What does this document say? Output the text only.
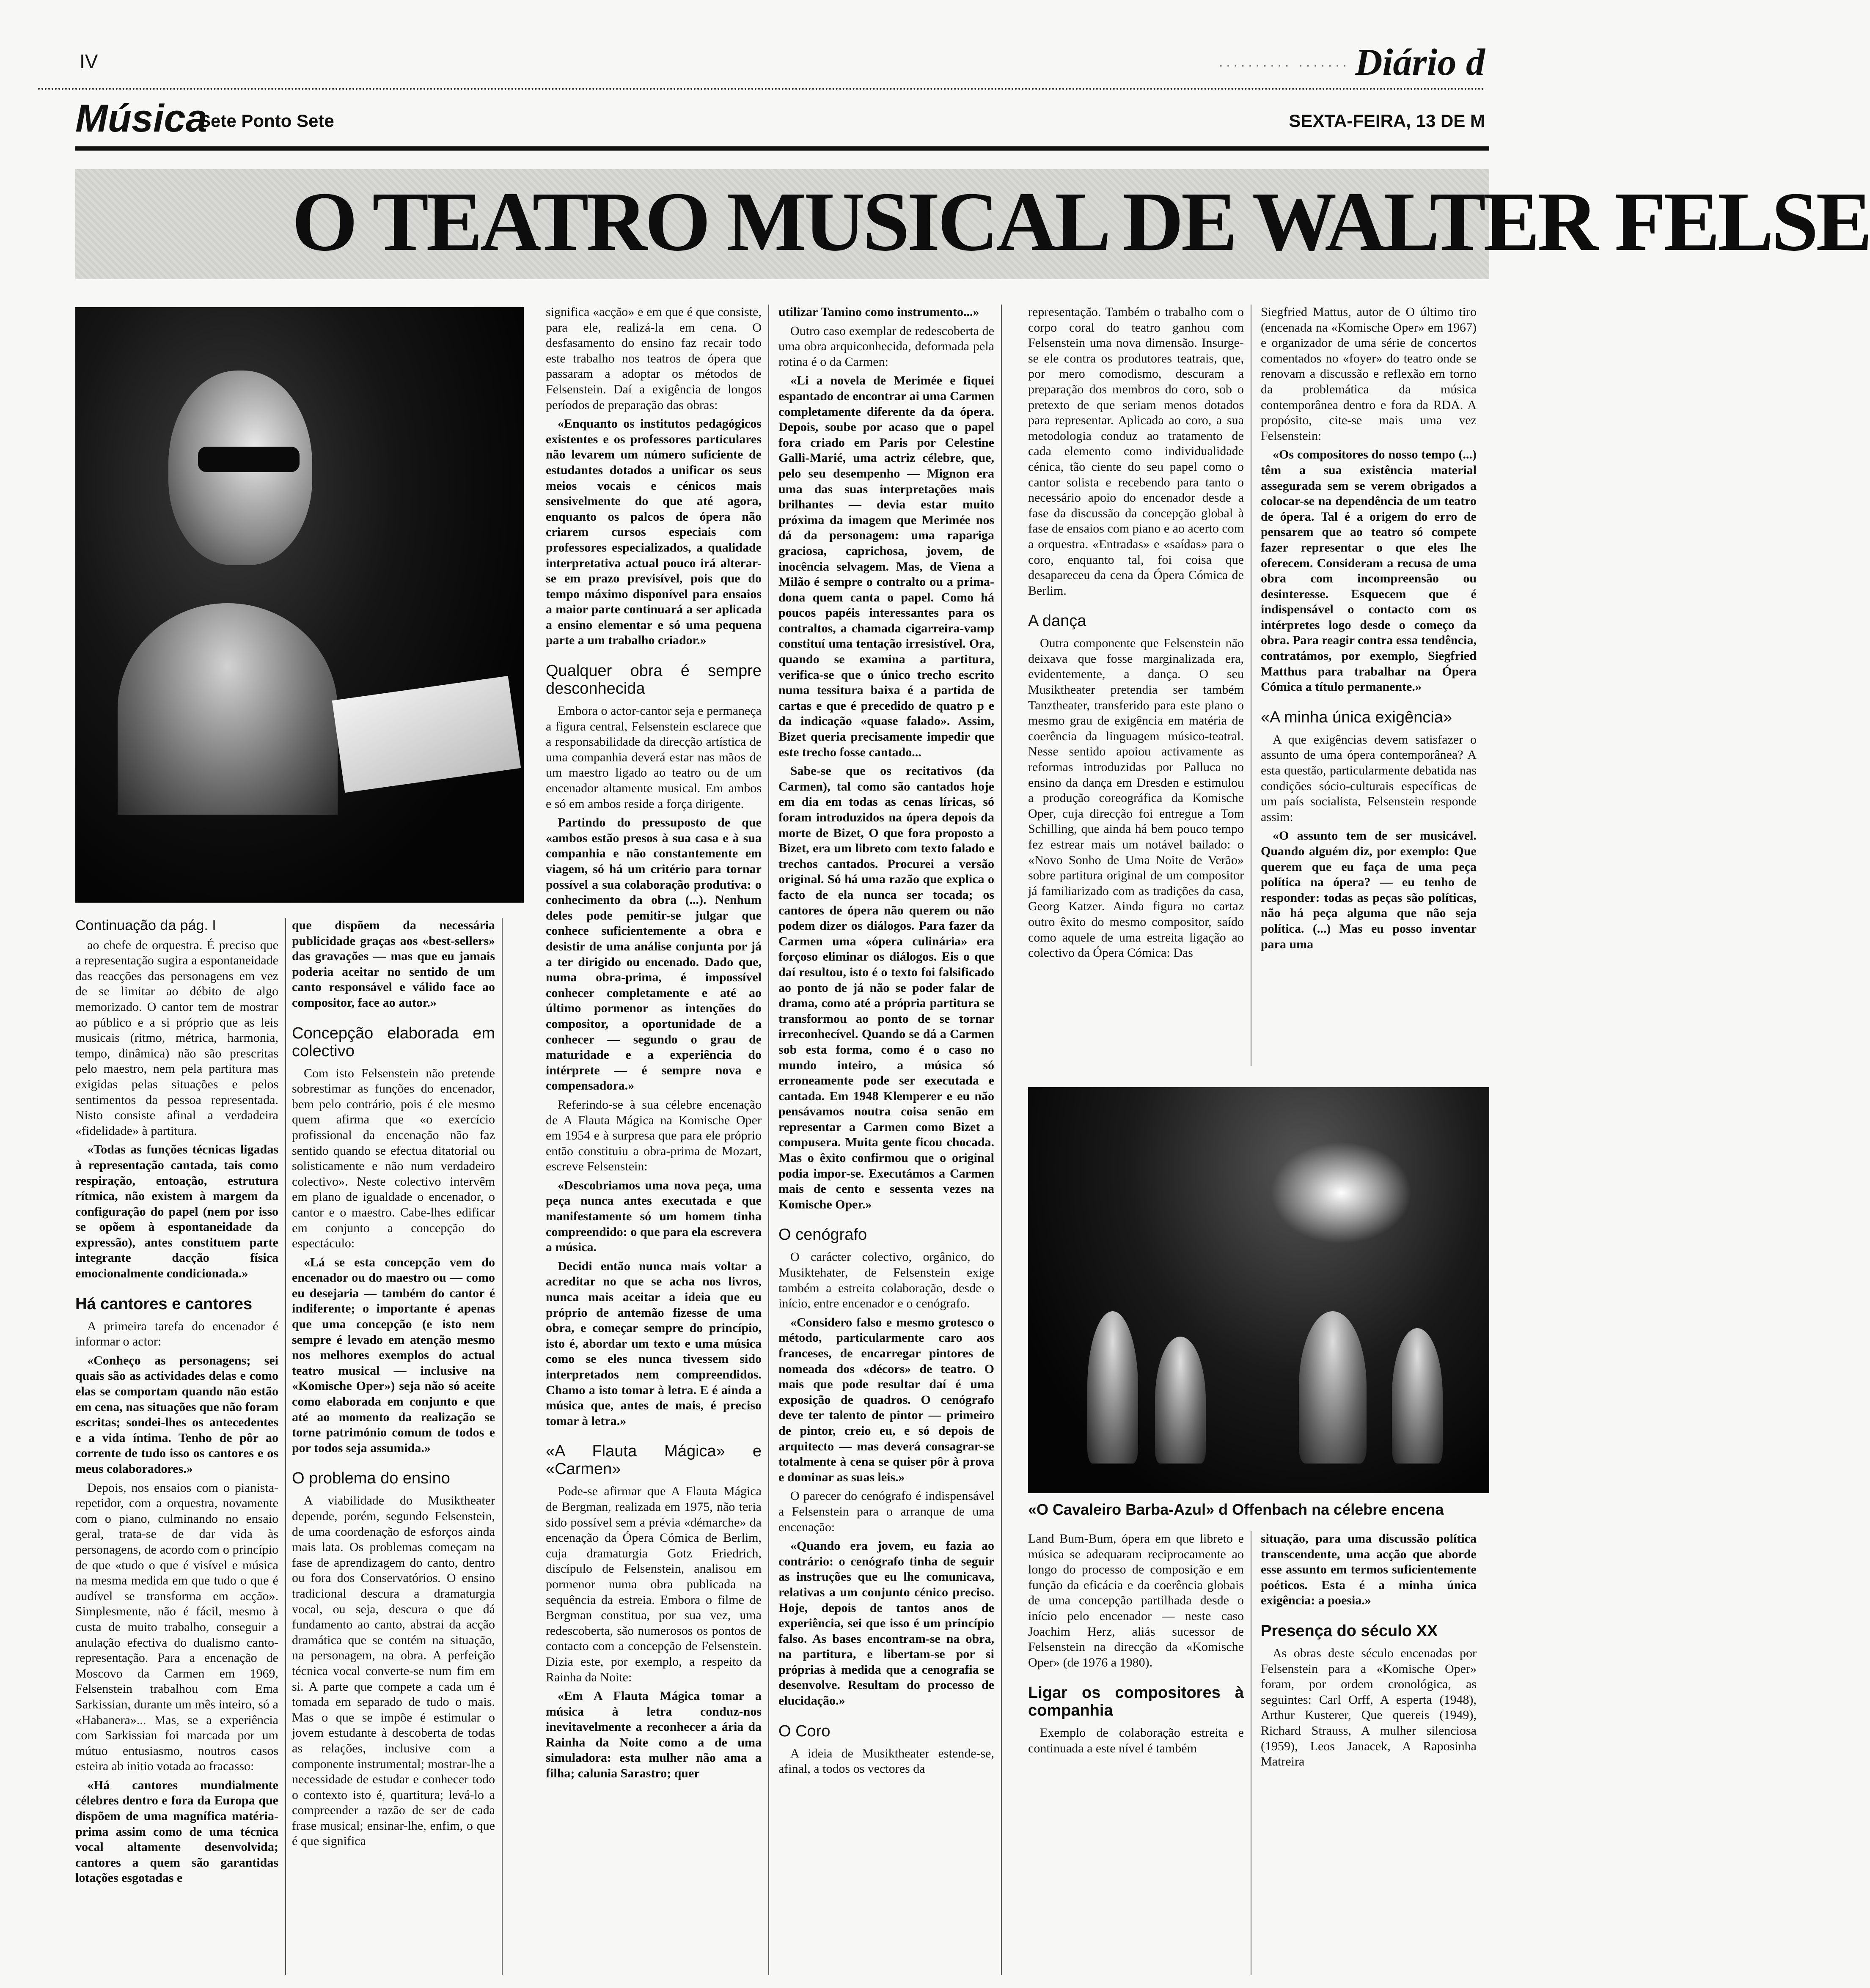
IV	·········· ······· Diário d
Música
Sete Ponto Sete	SEXTA-FEIRA, 13 DE M
O TEATRO MUSICAL DE WALTER FELSE
«O Cavaleiro Barba-Azul» d Offenbach na célebre encena
Continuação da pág. I

ao chefe de orquestra. É preciso que a representação sugira a espontaneidade das reacções das personagens em vez de se limitar ao débito de algo memorizado. O cantor tem de mostrar ao público e a si próprio que as leis musicais (ritmo, métrica, harmonia, tempo, dinâmica) não são prescritas pelo maestro, nem pela partitura mas exigidas pelas situações e pelos sentimentos da pessoa representada. Nisto consiste afinal a verdadeira «fidelidade» à partitura.

«Todas as funções técnicas ligadas à representação cantada, tais como respiração, entoação, estrutura rítmica, não existem à margem da configuração do papel (nem por isso se opõem à espontaneidade da expressão), antes constituem parte integrante dacção física emocionalmente condicionada.»

Há cantores e cantores

A primeira tarefa do encenador é informar o actor:

«Conheço as personagens; sei quais são as actividades delas e como elas se comportam quando não estão em cena, nas situações que não foram escritas; sondei-lhes os antecedentes e a vida íntima. Tenho de pôr ao corrente de tudo isso os cantores e os meus colaboradores.»

Depois, nos ensaios com o pianista-repetidor, com a orquestra, novamente com o piano, culminando no ensaio geral, trata-se de dar vida às personagens, de acordo com o princípio de que «tudo o que é visível e música na mesma medida em que tudo o que é audível se transforma em acção». Simplesmente, não é fácil, mesmo à custa de muito trabalho, conseguir a anulação efectiva do dualismo canto-representação. Para a encenação de Moscovo da Carmen em 1969, Felsenstein trabalhou com Ema Sarkissian, durante um mês inteiro, só a «Habanera»... Mas, se a experiência com Sarkissian foi marcada por um mútuo entusiasmo, noutros casos esteira ab initio votada ao fracasso:

«Há cantores mundialmente célebres dentro e fora da Europa que dispõem de uma magnífica matéria-prima assim como de uma técnica vocal altamente desenvolvida; cantores a quem são garantidas lotações esgotadas e

que dispõem da necessária publicidade graças aos «best-sellers» das gravações — mas que eu jamais poderia aceitar no sentido de um canto responsável e válido face ao compositor, face ao autor.»

Concepção elaborada em colectivo

Com isto Felsenstein não pretende sobrestimar as funções do encenador, bem pelo contrário, pois é ele mesmo quem afirma que «o exercício profissional da encenação não faz sentido quando se efectua ditatorial ou solisticamente e não num verdadeiro colectivo». Neste colectivo intervêm em plano de igualdade o encenador, o cantor e o maestro. Cabe-lhes edificar em conjunto a concepção do espectáculo:

«Lá se esta concepção vem do encenador ou do maestro ou — como eu desejaria — também do cantor é indiferente; o importante é apenas que uma concepção (e isto nem sempre é levado em atenção mesmo nos melhores exemplos do actual teatro musical — inclusive na «Komische Oper») seja não só aceite como elaborada em conjunto e que até ao momento da realização se torne património comum de todos e por todos seja assumida.»

O problema do ensino

A viabilidade do Musiktheater depende, porém, segundo Felsenstein, de uma coordenação de esforços ainda mais lata. Os problemas começam na fase de aprendizagem do canto, dentro ou fora dos Conservatórios. O ensino tradicional descura a dramaturgia vocal, ou seja, descura o que dá fundamento ao canto, abstrai da acção dramática que se contém na situação, na personagem, na obra. A perfeição técnica vocal converte-se num fim em si. A parte que compete a cada um é tomada em separado de tudo o mais. Mas o que se impõe é estimular o jovem estudante à descoberta de todas as relações, inclusive com a componente instrumental; mostrar-lhe a necessidade de estudar e conhecer todo o contexto isto é, quartitura; levá-lo a compreender a razão de ser de cada frase musical; ensinar-lhe, enfim, o que é que significa

significa «acção» e em que é que consiste, para ele, realizá-la em cena. O desfasamento do ensino faz recair todo este trabalho nos teatros de ópera que passaram a adoptar os métodos de Felsenstein. Daí a exigência de longos períodos de preparação das obras:

«Enquanto os institutos pedagógicos existentes e os professores particulares não levarem um número suficiente de estudantes dotados a unificar os seus meios vocais e cénicos mais sensivelmente do que até agora, enquanto os palcos de ópera não criarem cursos especiais com professores especializados, a qualidade interpretativa actual pouco irá alterar-se em prazo previsível, pois que do tempo máximo disponível para ensaios a maior parte continuará a ser aplicada a ensino elementar e só uma pequena parte a um trabalho criador.»

Qualquer obra é sempre desconhecida

Embora o actor-cantor seja e permaneça a figura central, Felsenstein esclarece que a responsabilidade da direcção artística de uma companhia deverá estar nas mãos de um maestro ligado ao teatro ou de um encenador altamente musical. Em ambos e só em ambos reside a força dirigente.

Partindo do pressuposto de que «ambos estão presos à sua casa e à sua companhia e não constantemente em viagem, só há um critério para tornar possível a sua colaboração produtiva: o conhecimento da obra (...). Nenhum deles pode pemitir-se julgar que conhece suficientemente a obra e desistir de uma análise conjunta por já a ter dirigido ou encenado. Dado que, numa obra-prima, é impossível conhecer completamente e até ao último pormenor as intenções do compositor, a oportunidade de a conhecer — segundo o grau de maturidade e a experiência do intérprete — é sempre nova e compensadora.»

Referindo-se à sua célebre encenação de A Flauta Mágica na Komische Oper em 1954 e à surpresa que para ele próprio então constituiu a obra-prima de Mozart, escreve Felsenstein:

«Descobriamos uma nova peça, uma peça nunca antes executada e que manifestamente só um homem tinha compreendido: o que para ela escrevera a música.

Decidi então nunca mais voltar a acreditar no que se acha nos livros, nunca mais aceitar a ideia que eu próprio de antemão fizesse de uma obra, e começar sempre do princípio, isto é, abordar um texto e uma música como se eles nunca tivessem sido interpretados nem compreendidos. Chamo a isto tomar à letra. E é ainda a música que, antes de mais, é preciso tomar à letra.»

«A Flauta Mágica» e «Carmen»

Pode-se afirmar que A Flauta Mágica de Bergman, realizada em 1975, não teria sido possível sem a prévia «démarche» da encenação da Ópera Cómica de Berlim, cuja dramaturgia Gotz Friedrich, discípulo de Felsenstein, analisou em pormenor numa obra publicada na sequência da estreia. Embora o filme de Bergman constitua, por sua vez, uma redescoberta, são numerosos os pontos de contacto com a concepção de Felsenstein. Dizia este, por exemplo, a respeito da Rainha da Noite:

«Em A Flauta Mágica tomar a música à letra conduz-nos inevitavelmente a reconhecer a ária da Rainha da Noite como a de uma simuladora: esta mulher não ama a filha; calunia Sarastro; quer

utilizar Tamino como instrumento...»

Outro caso exemplar de redescoberta de uma obra arquiconhecida, deformada pela rotina é o da Carmen:

«Li a novela de Merimée e fiquei espantado de encontrar ai uma Carmen completamente diferente da da ópera. Depois, soube por acaso que o papel fora criado em Paris por Celestine Galli-Marié, uma actriz célebre, que, pelo seu desempenho — Mignon era uma das suas interpretações mais brilhantes — devia estar muito próxima da imagem que Merimée nos dá da personagem: uma rapariga graciosa, caprichosa, jovem, de inocência selvagem. Mas, de Viena a Milão é sempre o contralto ou a prima-dona quem canta o papel. Como há poucos papéis interessantes para os contraltos, a chamada cigarreira-vamp constituí uma tentação irresistível. Ora, quando se examina a partitura, verifica-se que o único trecho escrito numa tessitura baixa é a partida de cartas e que é precedido de quatro p e da indicação «quase falado». Assim, Bizet queria precisamente impedir que este trecho fosse cantado...

Sabe-se que os recitativos (da Carmen), tal como são cantados hoje em dia em todas as cenas líricas, só foram introduzidos na ópera depois da morte de Bizet, O que fora proposto a Bizet, era um libreto com texto falado e trechos cantados. Procurei a versão original. Só há uma razão que explica o facto de ela nunca ser tocada; os cantores de ópera não querem ou não podem dizer os diálogos. Para fazer da Carmen uma «ópera culinária» era forçoso eliminar os diálogos. Eis o que daí resultou, isto é o texto foi falsificado ao ponto de já não se poder falar de drama, como até a própria partitura se transformou ao ponto de se tornar irreconhecível. Quando se dá a Carmen sob esta forma, como é o caso no mundo inteiro, a música só erroneamente pode ser executada e cantada. Em 1948 Klemperer e eu não pensávamos noutra coisa senão em representar a Carmen como Bizet a compusera. Muita gente ficou chocada. Mas o êxito confirmou que o original podia impor-se. Executámos a Carmen mais de cento e sessenta vezes na Komische Oper.»

O cenógrafo

O carácter colectivo, orgânico, do Musiktehater, de Felsenstein exige também a estreita colaboração, desde o início, entre encenador e o cenógrafo.

«Considero falso e mesmo grotesco o método, particularmente caro aos franceses, de encarregar pintores de nomeada dos «décors» de teatro. O mais que pode resultar daí é uma exposição de quadros. O cenógrafo deve ter talento de pintor — primeiro de pintor, creio eu, e só depois de arquitecto — mas deverá consagrar-se totalmente à cena se quiser pôr à prova e dominar as suas leis.»

O parecer do cenógrafo é indispensável a Felsenstein para o arranque de uma encenação:

«Quando era jovem, eu fazia ao contrário: o cenógrafo tinha de seguir as instruções que eu lhe comunicava, relativas a um conjunto cénico preciso. Hoje, depois de tantos anos de experiência, sei que isso é um princípio falso. As bases encontram-se na obra, na partitura, e libertam-se por si próprias à medida que a cenografia se desenvolve. Resultam do processo de elucidação.»

O Coro

A ideia de Musiktheater estende-se, afinal, a todos os vectores da

representação. Também o trabalho com o corpo coral do teatro ganhou com Felsenstein uma nova dimensão. Insurge-se ele contra os produtores teatrais, que, por mero comodismo, descuram a preparação dos membros do coro, sob o pretexto de que seriam menos dotados para representar. Aplicada ao coro, a sua metodologia conduz ao tratamento de cada elemento como individualidade cénica, tão ciente do seu papel como o cantor solista e recebendo para tanto o necessário apoio do encenador desde a fase da discussão da concepção global à fase de ensaios com piano e ao acerto com a orquestra. «Entradas» e «saídas» para o coro, enquanto tal, foi coisa que desapareceu da cena da Ópera Cómica de Berlim.

A dança

Outra componente que Felsenstein não deixava que fosse marginalizada era, evidentemente, a dança. O seu Musiktheater pretendia ser também Tanztheater, transferido para este plano o mesmo grau de exigência em matéria de coerência da linguagem músico-teatral. Nesse sentido apoiou activamente as reformas introduzidas por Palluca no ensino da dança em Dresden e estimulou a produção coreográfica da Komische Oper, cuja direcção foi entregue a Tom Schilling, que ainda há bem pouco tempo fez estrear mais um notável bailado: o «Novo Sonho de Uma Noite de Verão» sobre partitura original de um compositor já familiarizado com as tradições da casa, Georg Katzer. Ainda figura no cartaz outro êxito do mesmo compositor, saído como aquele de uma estreita ligação ao colectivo da Ópera Cómica: Das

Siegfried Mattus, autor de O último tiro (encenada na «Komische Oper» em 1967) e organizador de uma série de concertos comentados no «foyer» do teatro onde se renovam a discussão e reflexão em torno da problemática da música contemporânea dentro e fora da RDA. A propósito, cite-se mais uma vez Felsenstein:

«Os compositores do nosso tempo (...) têm a sua existência material assegurada sem se verem obrigados a colocar-se na dependência de um teatro de ópera. Tal é a origem do erro de pensarem que ao teatro só compete fazer representar o que eles lhe oferecem. Consideram a recusa de uma obra com incompreensão ou desinteresse. Esquecem que é indispensável o contacto com os intérpretes logo desde o começo da obra. Para reagir contra essa tendência, contratámos, por exemplo, Siegfried Matthus para trabalhar na Ópera Cómica a título permanente.»

«A minha única exigência»

A que exigências devem satisfazer o assunto de uma ópera contemporânea? A esta questão, particularmente debatida nas condições sócio-culturais específicas de um país socialista, Felsenstein responde assim:

«O assunto tem de ser musicável. Quando alguém diz, por exemplo: Que querem que eu faça de uma peça política na ópera? — eu tenho de responder: todas as peças são políticas, não há peça alguma que não seja política. (...) Mas eu posso inventar para uma

Land Bum-Bum, ópera em que libreto e música se adequaram reciprocamente ao longo do processo de composição e em função da eficácia e da coerência globais de uma concepção partilhada desde o início pelo encenador — neste caso Joachim Herz, aliás sucessor de Felsenstein na direcção da «Komische Oper» (de 1976 a 1980).

Ligar os compositores à companhia

Exemplo de colaboração estreita e continuada a este nível é também

situação, para uma discussão política transcendente, uma acção que aborde esse assunto em termos suficientemente poéticos. Esta é a minha única exigência: a poesia.»

Presença do século XX

As obras deste século encenadas por Felsenstein para a «Komische Oper» foram, por ordem cronológica, as seguintes: Carl Orff, A esperta (1948), Arthur Kusterer, Que quereis (1949), Richard Strauss, A mulher silenciosa (1959), Leos Janacek, A Raposinha Matreira
